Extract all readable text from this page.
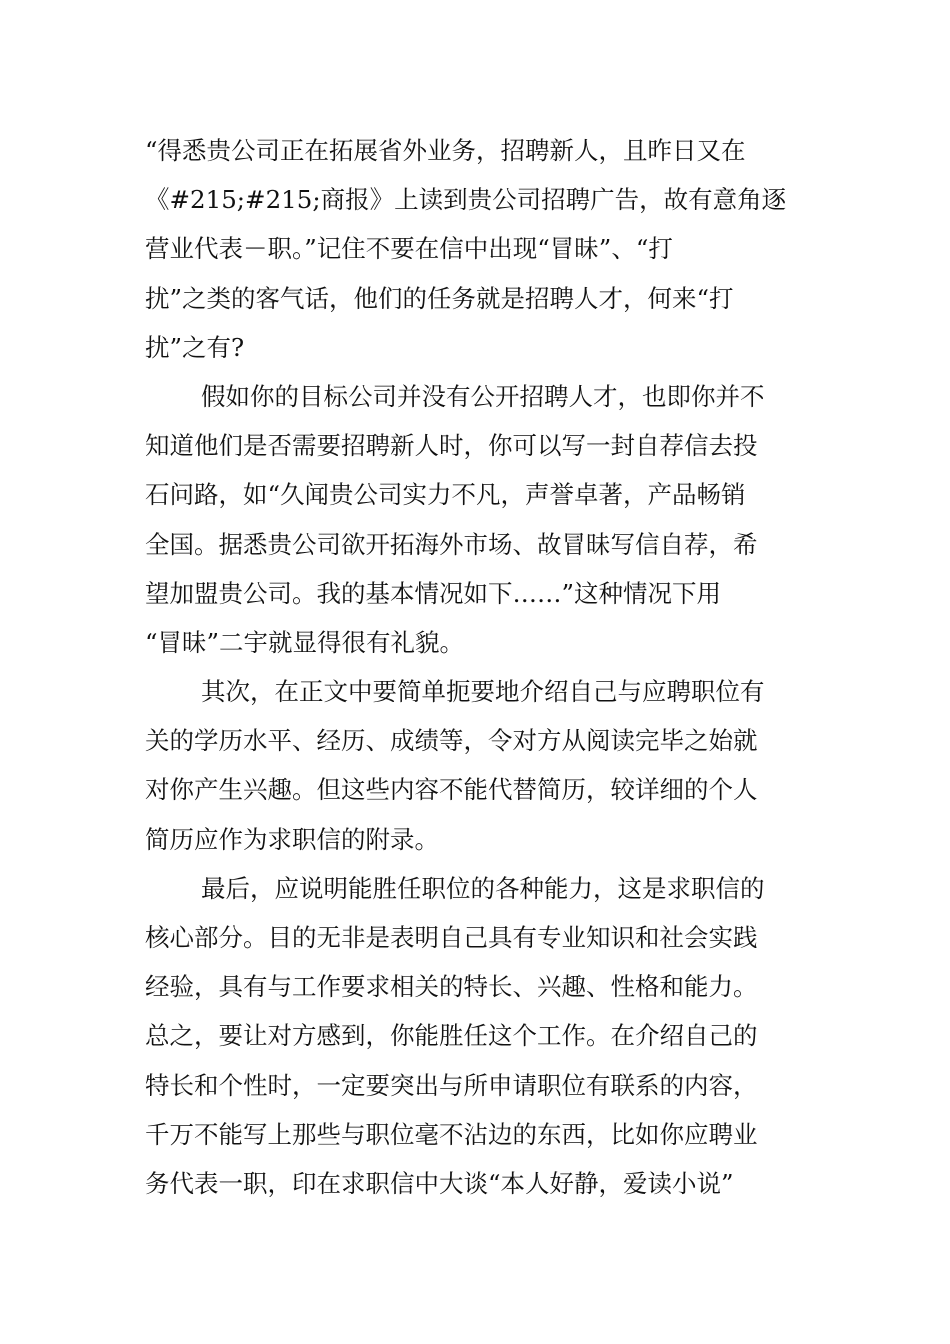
“得悉贵公司正在拓展省外业务，招聘新人，且昨日又在
《#215;#215;商报》上读到贵公司招聘广告，故有意角逐
营业代表－职。”记住不要在信中出现“冒昧”、“打
扰”之类的客气话，他们的任务就是招聘人才，何来“打
扰”之有?
假如你的目标公司并没有公开招聘人才，也即你并不
知道他们是否需要招聘新人时，你可以写一封自荐信去投
石问路，如“久闻贵公司实力不凡，声誉卓著，产品畅销
全国。据悉贵公司欲开拓海外市场、故冒昧写信自荐，希
望加盟贵公司。我的基本情况如下……”这种情况下用
“冒昧”二宇就显得很有礼貌。
其次，在正文中要简单扼要地介绍自己与应聘职位有
关的学历水平、经历、成绩等，令对方从阅读完毕之始就
对你产生兴趣。但这些内容不能代替简历，较详细的个人
简历应作为求职信的附录。
最后，应说明能胜任职位的各种能力，这是求职信的
核心部分。目的无非是表明自己具有专业知识和社会实践
经验，具有与工作要求相关的特长、兴趣、性格和能力。
总之，要让对方感到，你能胜任这个工作。在介绍自己的
特长和个性时，一定要突出与所申请职位有联系的内容，
千万不能写上那些与职位毫不沾边的东西，比如你应聘业
务代表一职，印在求职信中大谈“本人好静，爱读小说”
